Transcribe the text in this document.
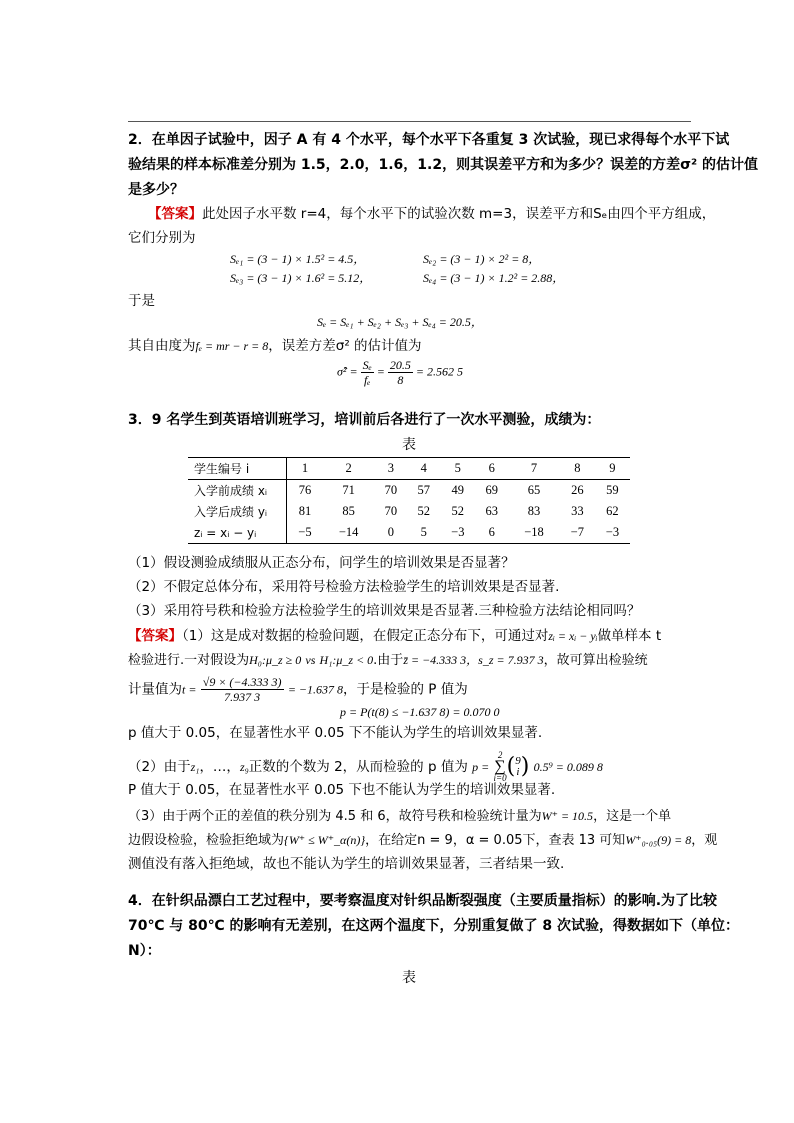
2．在单因子试验中，因子 A 有 4 个水平，每个水平下各重复 3 次试验，现已求得每个水平下试
验结果的样本标准差分别为 1.5，2.0，1.6，1.2，则其误差平方和为多少？误差的方差σ² 的估计值
是多少？
【答案】此处因子水平数 r=4，每个水平下的试验次数 m=3，误差平方和Sₑ由四个平方组成，
它们分别为
Sₑ₁ = (3 − 1) × 1.5² = 4.5，	Sₑ₂ = (3 − 1) × 2² = 8，
Sₑ₃ = (3 − 1) × 1.6² = 5.12，	Sₑ₄ = (3 − 1) × 1.2² = 2.88，
于是
Sₑ = Sₑ₁ + Sₑ₂ + Sₑ₃ + Sₑ₄ = 20.5，
其自由度为fₑ = mr − r = 8，误差方差σ² 的估计值为
σ̂² = $\frac{\text{Sₑ}}{\text{fₑ}} = \frac{20.5}{8} = 2.562$ 5
3．9 名学生到英语培训班学习，培训前后各进行了一次水平测验，成绩为：
表
学生编号 i	1	2	3	4	5	6	7	8	9
入学前成绩 xᵢ	76	71	70	57	49	69	65	26	59
入学后成绩 yᵢ	81	85	70	52	52	63	83	33	62
zᵢ = xᵢ − yᵢ	−5	−14	0	5	−3	6	−18	−7	−3
（1）假设测验成绩服从正态分布，问学生的培训效果是否显著？
（2）不假定总体分布，采用符号检验方法检验学生的培训效果是否显著.
（3）采用符号秩和检验方法检验学生的培训效果是否显著.三种检验方法结论相同吗？
【答案】（1）这是成对数据的检验问题，在假定正态分布下，可通过对zᵢ = xᵢ − yᵢ做单样本 t
检验进行.一对假设为H₀:μ_z ≥ 0 vs H₁:μ_z < 0.由于z̄ = −4.333 3，s_z = 7.937 3，故可算出检验统
计量值为$t = \frac{√9 \times (-4.333 3)}{7.937 3} = -1.637$ 8，于是检验的 P 值为
p = P(t(8) ≤ −1.637 8) = 0.070 0
p 值大于 0.05，在显著性水平 0.05 下不能认为学生的培训效果显著.
（2）由于z₁，…，z₉正数的个数为 2，从而检验的 p 值为 p =
2
∑
i=0 ( 9
i ) 0.5⁹ = 0.089 8
P 值大于 0.05，在显著性水平 0.05 下也不能认为学生的培训效果显著.
（3）由于两个正的差值的秩分别为 4.5 和 6，故符号秩和检验统计量为W⁺ = 10.5，这是一个单
边假设检验，检验拒绝域为{W⁺ ≤ W⁺_α(n)}，在给定n = 9，α = 0.05下，查表 13 可知W⁺₀.₀₅(9) = 8，观
测值没有落入拒绝域，故也不能认为学生的培训效果显著，三者结果一致.
4．在针织品漂白工艺过程中，要考察温度对针织品断裂强度（主要质量指标）的影响.为了比较
70℃ 与 80℃ 的影响有无差别，在这两个温度下，分别重复做了 8 次试验，得数据如下（单位：
N）：
表
